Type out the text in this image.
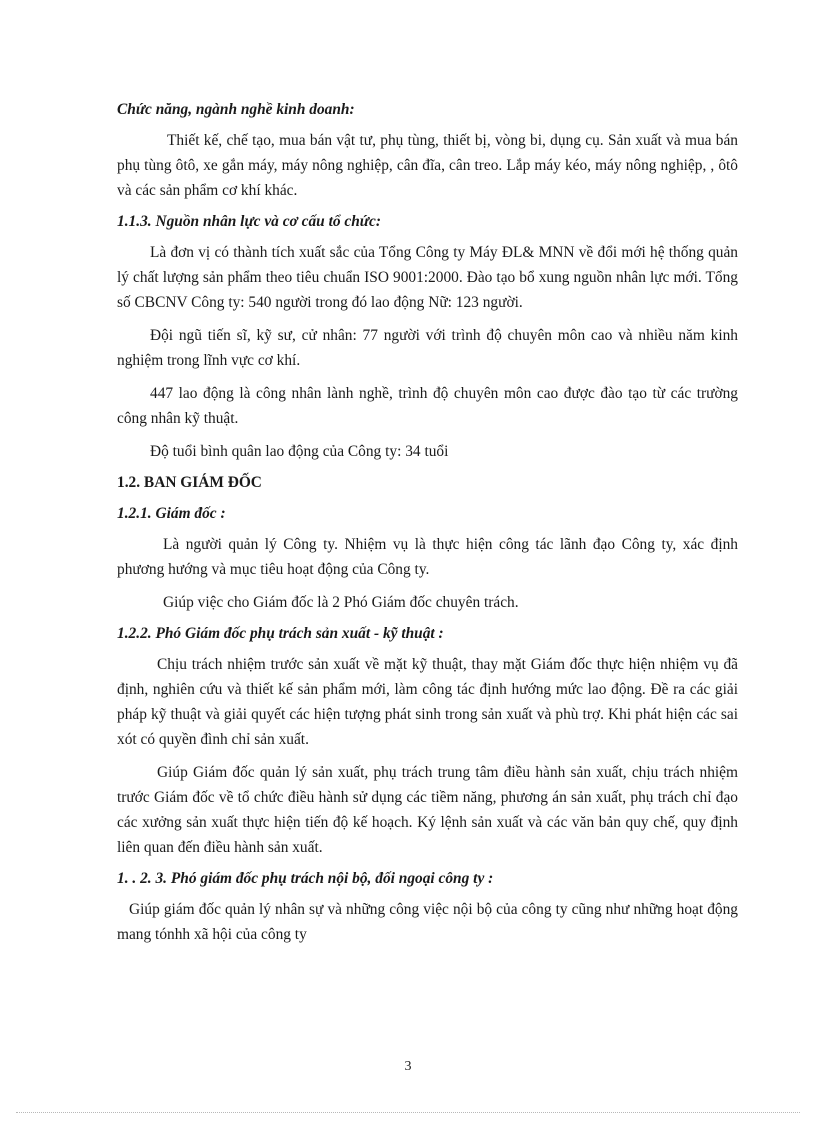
Chức năng, ngành nghề kinh doanh:

Thiết kế, chế tạo, mua bán vật tư, phụ tùng, thiết bị, vòng bi, dụng cụ. Sản xuất và mua bán phụ tùng ôtô, xe gắn máy, máy nông nghiệp, cân đĩa, cân treo. Lắp máy kéo, máy nông nghiệp, , ôtô và các sản phẩm cơ khí khác.

1.1.3. Nguồn nhân lực và cơ cấu tổ chức:

Là đơn vị có thành tích xuất sắc của Tổng Công ty Máy ĐL& MNN về đổi mới hệ thống quản lý chất lượng sản phẩm theo tiêu chuẩn ISO 9001:2000. Đào tạo bổ xung nguồn nhân lực mới. Tổng số CBCNV Công ty: 540 người trong đó lao động Nữ: 123 người.

Đội ngũ tiến sĩ, kỹ sư, cử nhân: 77 người với trình độ chuyên môn cao và nhiều năm kinh nghiệm trong lĩnh vực cơ khí.

447 lao động là công nhân lành nghề, trình độ chuyên môn cao được đào tạo từ các trường công nhân kỹ thuật.

Độ tuổi bình quân lao động của Công ty: 34 tuổi

1.2. BAN GIÁM ĐỐC

1.2.1. Giám đốc :

Là người quản lý Công ty. Nhiệm vụ là thực hiện công tác lãnh đạo Công ty, xác định phương hướng và mục tiêu hoạt động của Công ty.

Giúp việc cho Giám đốc là 2 Phó Giám đốc chuyên trách.

1.2.2. Phó Giám đốc phụ trách sản xuất - kỹ thuật :

Chịu trách nhiệm trước sản xuất về mặt kỹ thuật, thay mặt Giám đốc thực hiện nhiệm vụ đã định, nghiên cứu và thiết kế sản phẩm mới, làm công tác định hướng mức lao động. Đề ra các giải pháp kỹ thuật và giải quyết các hiện tượng phát sinh trong sản xuất và phù trợ. Khi phát hiện các sai xót có quyền đình chỉ sản xuất.

Giúp Giám đốc quản lý sản xuất, phụ trách trung tâm điều hành sản xuất, chịu trách nhiệm trước Giám đốc về tổ chức điều hành sử dụng các tiềm năng, phương án sản xuất, phụ trách chỉ đạo các xưởng sản xuất thực hiện tiến độ kế hoạch. Ký lệnh sản xuất và các văn bản quy chế, quy định liên quan đến điều hành sản xuất.

1. . 2. 3. Phó giám đốc phụ trách nội bộ, đối ngoại công ty :

Giúp giám đốc quản lý nhân sự và những công việc nội bộ của công ty cũng như những hoạt động mang tónhh xã hội của công ty

3
